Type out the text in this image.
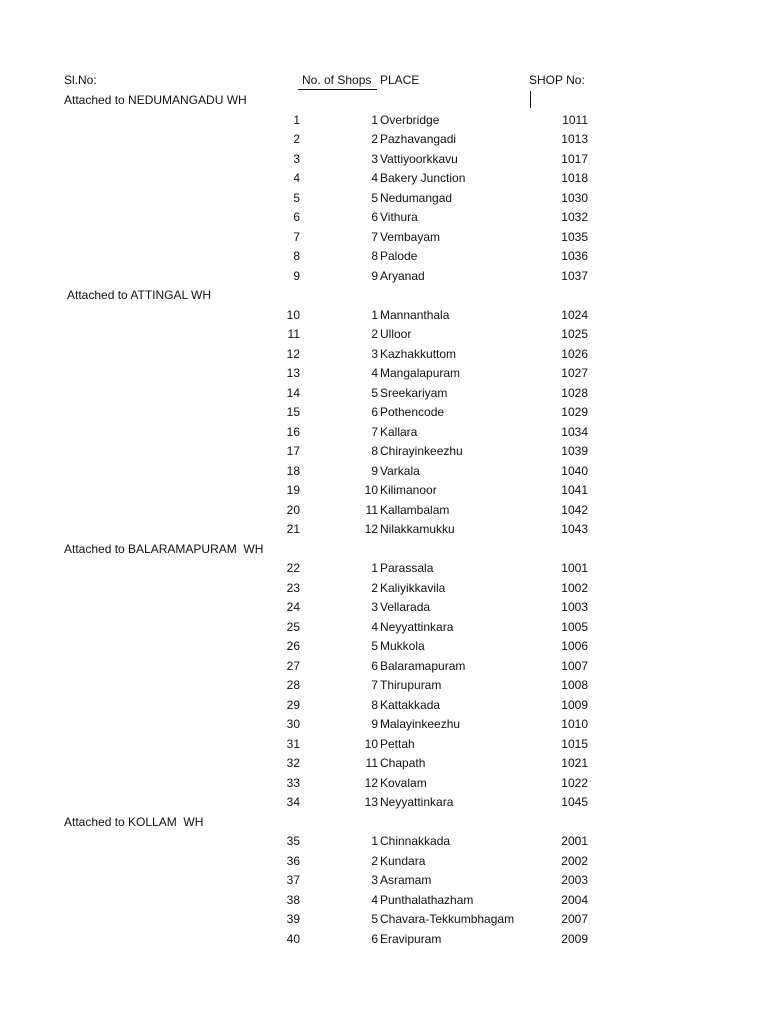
Sl.No:	No. of Shops PLACE	SHOP No:
Attached to NEDUMANGADU WH
1	1 Overbridge	1011
2	2 Pazhavangadi	1013
3	3 Vattiyoorkkavu	1017
4	4 Bakery Junction	1018
5	5 Nedumangad	1030
6	6 Vithura	1032
7	7 Vembayam	1035
8	8 Palode	1036
9	9 Aryanad	1037
Attached to ATTINGAL WH
10	1 Mannanthala	1024
11	2 Ulloor	1025
12	3 Kazhakkuttom	1026
13	4 Mangalapuram	1027
14	5 Sreekariyam	1028
15	6 Pothencode	1029
16	7 Kallara	1034
17	8 Chirayinkeezhu	1039
18	9 Varkala	1040
19	10 Kilimanoor	1041
20	11 Kallambalam	1042
21	12 Nilakkamukku	1043
Attached to BALARAMAPURAM  WH
22	1 Parassala	1001
23	2 Kaliyikkavila	1002
24	3 Vellarada	1003
25	4 Neyyattinkara	1005
26	5 Mukkola	1006
27	6 Balaramapuram	1007
28	7 Thirupuram	1008
29	8 Kattakkada	1009
30	9 Malayinkeezhu	1010
31	10 Pettah	1015
32	11 Chapath	1021
33	12 Kovalam	1022
34	13 Neyyattinkara	1045
Attached to KOLLAM  WH
35	1 Chinnakkada	2001
36	2 Kundara	2002
37	3 Asramam	2003
38	4 Punthalathazham	2004
39	5 Chavara-Tekkumbhagam	2007
40	6 Eravipuram	2009
